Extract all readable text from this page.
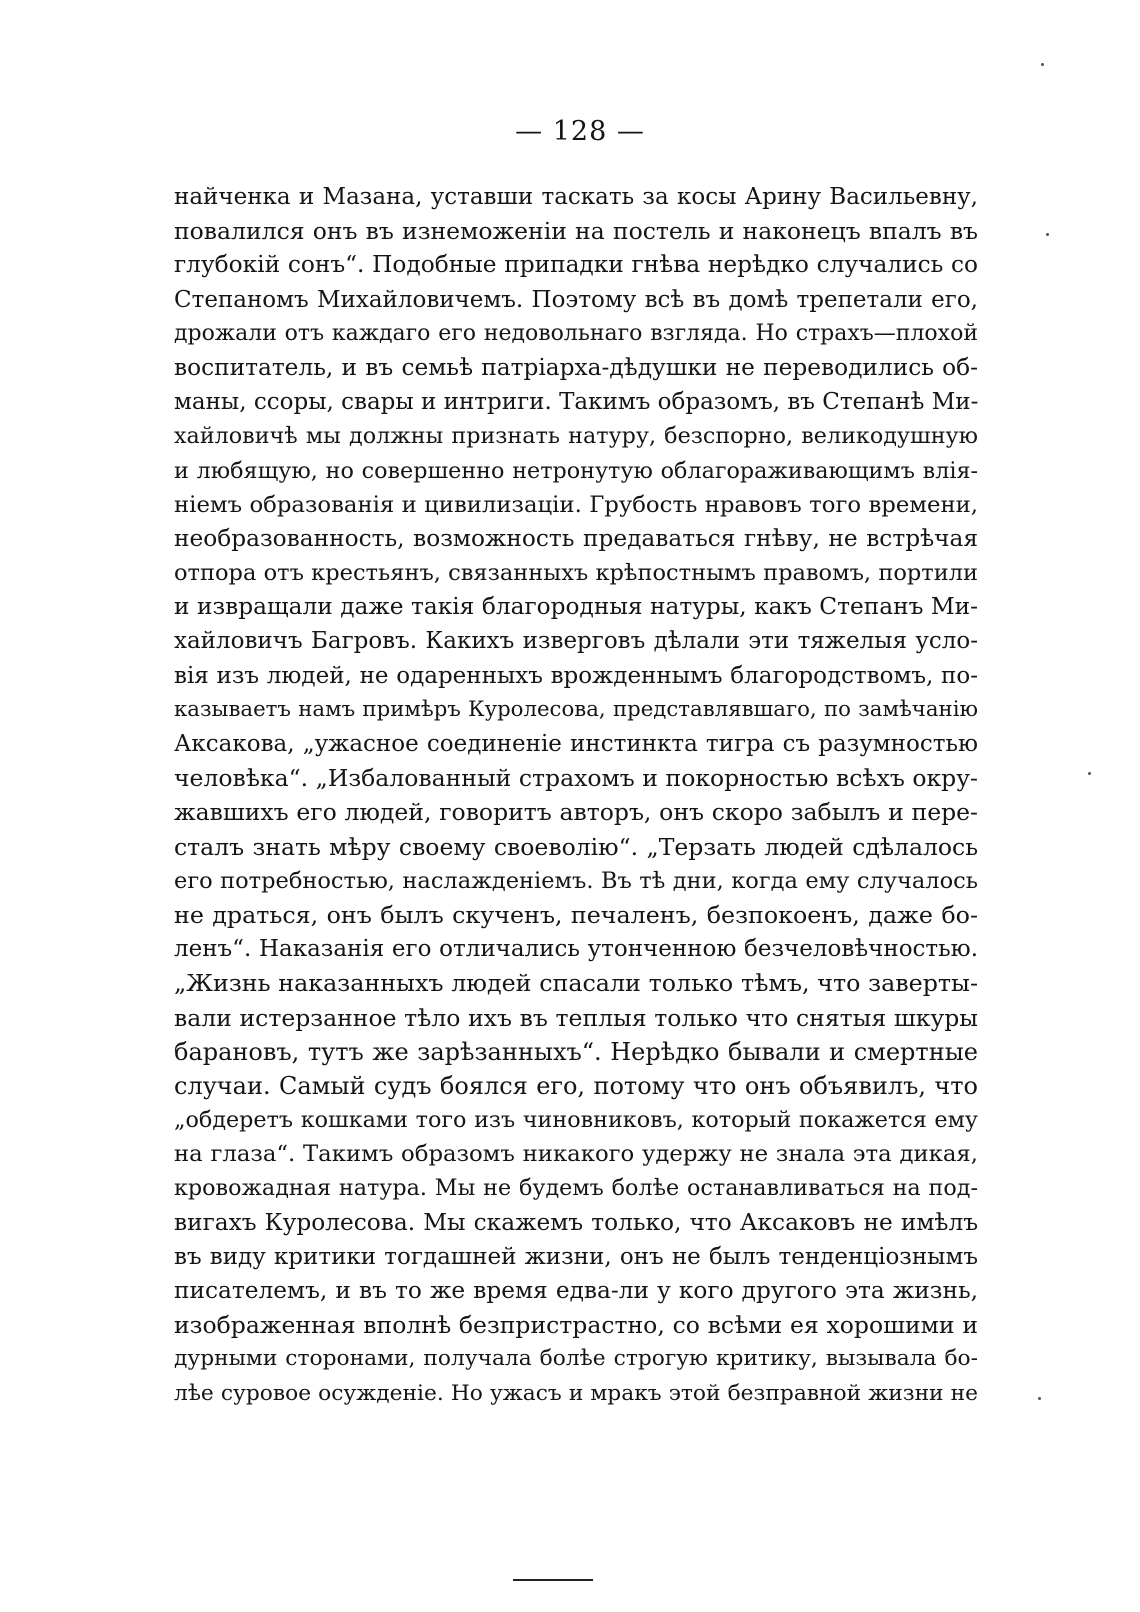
— 128 —
найченка и Мазана, уставши таскать за косы Арину Васильевну,
повалился онъ въ изнеможенiи на постель и наконецъ впалъ въ
глубокій сонъ“. Подобные припадки гнѣва нерѣдко случались со
Степаномъ Михайловичемъ. Поэтому всѣ въ домѣ трепетали его,
дрожали отъ каждаго его недовольнаго взгляда. Но страхъ—плохой
воспитатель, и въ семьѣ патріарха-дѣдушки не переводились об-
маны, ссоры, свары и интриги. Такимъ образомъ, въ Степанѣ Ми-
хайловичѣ мы должны признать натуру, безспорно, великодушную
и любящую, но совершенно нетронутую облагораживающимъ влія-
ніемъ образованія и цивилизаціи. Грубость нравовъ того времени,
необразованность, возможность предаваться гнѣву, не встрѣчая
отпора отъ крестьянъ, связанныхъ крѣпостнымъ правомъ, портили
и извращали даже такія благородныя натуры, какъ Степанъ Ми-
хайловичъ Багровъ. Какихъ извергoвъ дѣлали эти тяжелыя усло-
вія изъ людей, не одаренныхъ врожденнымъ благородствомъ, по-
казываетъ намъ примѣръ Куролесова, представлявшаго, по замѣчанію
Аксакова, „ужасное соединеніе инстинкта тигра съ разумностью
человѣка“. „Избалованный страхомъ и покорностью всѣхъ окру-
жавшихъ его людей, говоритъ авторъ, онъ скоро забылъ и пере-
сталъ знать мѣру своему своеволію“. „Терзать людей сдѣлалось
его потребностью, наслажденіемъ. Въ тѣ дни, когда ему случалось
не драться, онъ былъ скученъ, печаленъ, безпокоенъ, даже бо-
ленъ“. Наказанія его отличались утонченною безчеловѣчностью.
„Жизнь наказанныхъ людей спасали только тѣмъ, что заверты-
вали истерзанное тѣло ихъ въ теплыя только что снятыя шкуры
барановъ, тутъ же зарѣзанныхъ“. Нерѣдко бывали и смертные
случаи. Самый судъ боялся его, потому что онъ объявилъ, что
„обдеретъ кошками того изъ чиновниковъ, который покажется ему
на глаза“. Такимъ образомъ никакого удержу не знала эта дикая,
кровожадная натура. Мы не будемъ болѣе останавливаться на под-
вигахъ Куролесова. Мы скажемъ только, что Аксаковъ не имѣлъ
въ виду критики тогдашней жизни, онъ не былъ тенденціознымъ
писателемъ, и въ то же время едва-ли у кого другого эта жизнь,
изображенная вполнѣ безпристрастно, со всѣми ея хорошими и
дурными сторонами, получала болѣе строгую критику, вызывала бо-
лѣе суровое осужденіе. Но ужасъ и мракъ этой безправной жизни не
